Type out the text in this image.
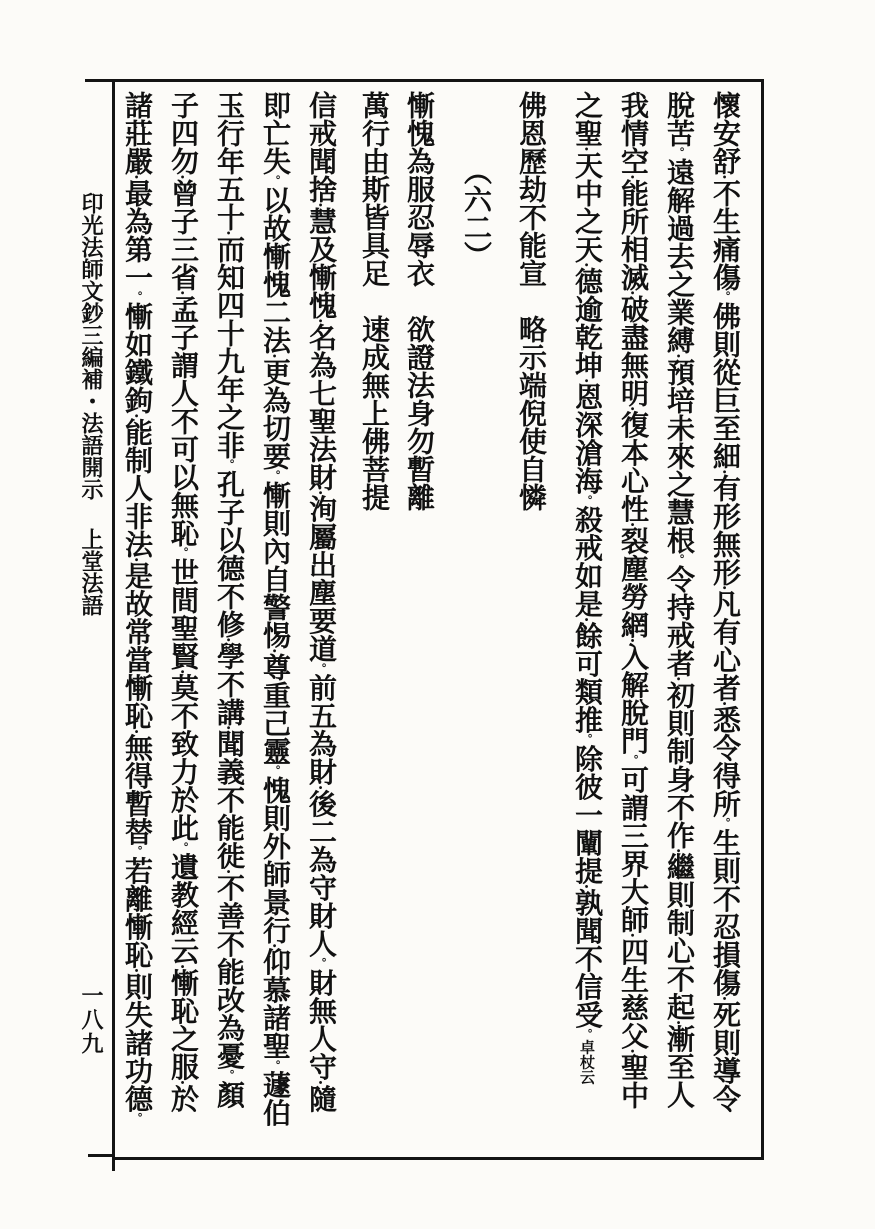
懷安舒•不生痛傷。佛則從巨至細•有形無形•凡有心者•悉令得所。生則不忍損傷•死則導令
脫苦。遠解過去之業縛•預培未來之慧根。令持戒者•初則制身不作•繼則制心不起•漸至人
我情空•能所相滅•破盡無明•復本心性•裂塵勞網•入解脫門。可謂三界大師•四生慈父•聖中
之聖•天中之天•德逾乾坤•恩深滄海。殺戒如是•餘可類推。除彼一闡提•孰聞不信受。卓杖云
佛恩歷劫不能宣　略示端倪使自憐
（六二）
慚愧為服忍辱衣　欲證法身勿暫離
萬行由斯皆具足　速成無上佛菩提
信戒聞捨•慧及慚愧•名為七聖法財•洵屬出塵要道。前五為財•後二為守財人。財無人守•隨
即亡失。以故慚愧二法•更為切要。慚則內自警惕•尊重己靈。愧則外師景行•仰慕諸聖。蘧伯
玉行年五十•而知四十九年之非。孔子以德不修•學不講•聞義不能徙•不善不能改為憂。顏
子四勿•曾子三省•孟子謂人不可以無恥。世間聖賢•莫不致力於此。遺教經云•慚恥之服•於
諸莊嚴•最為第一。慚如鐵鉤•能制人非法•是故常當慚恥•無得暫替。若離慚恥•則失諸功德。
印光法師文鈔三編補・法語開示上堂法語
一八九
